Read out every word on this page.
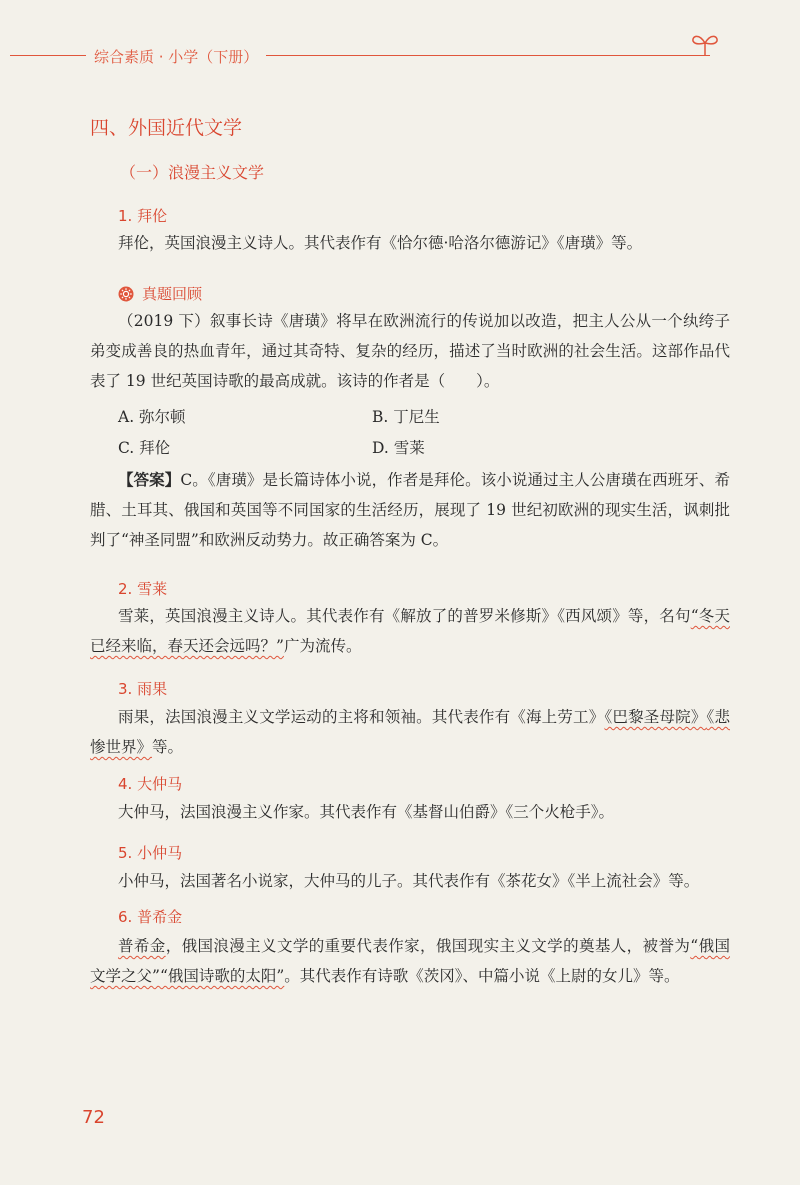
综合素质 · 小学（下册）
四、外国近代文学
（一）浪漫主义文学
1. 拜伦
拜伦，英国浪漫主义诗人。其代表作有《恰尔德·哈洛尔德游记》《唐璜》等。
真题回顾
（2019 下）叙事长诗《唐璜》将早在欧洲流行的传说加以改造，把主人公从一个纨绔子弟变成善良的热血青年，通过其奇特、复杂的经历，描述了当时欧洲的社会生活。这部作品代表了 19 世纪英国诗歌的最高成就。该诗的作者是（　　）。
A. 弥尔顿	B. 丁尼生
C. 拜伦	D. 雪莱
【答案】C。《唐璜》是长篇诗体小说，作者是拜伦。该小说通过主人公唐璜在西班牙、希腊、土耳其、俄国和英国等不同国家的生活经历，展现了 19 世纪初欧洲的现实生活，讽刺批判了“神圣同盟”和欧洲反动势力。故正确答案为 C。
2. 雪莱
雪莱，英国浪漫主义诗人。其代表作有《解放了的普罗米修斯》《西风颂》等，名句“冬天已经来临，春天还会远吗？”广为流传。
3. 雨果
雨果，法国浪漫主义文学运动的主将和领袖。其代表作有《海上劳工》《巴黎圣母院》《悲惨世界》等。
4. 大仲马
大仲马，法国浪漫主义作家。其代表作有《基督山伯爵》《三个火枪手》。
5. 小仲马
小仲马，法国著名小说家，大仲马的儿子。其代表作有《茶花女》《半上流社会》等。
6. 普希金
普希金，俄国浪漫主义文学的重要代表作家，俄国现实主义文学的奠基人，被誉为“俄国文学之父”“俄国诗歌的太阳”。其代表作有诗歌《茨冈》、中篇小说《上尉的女儿》等。
72
